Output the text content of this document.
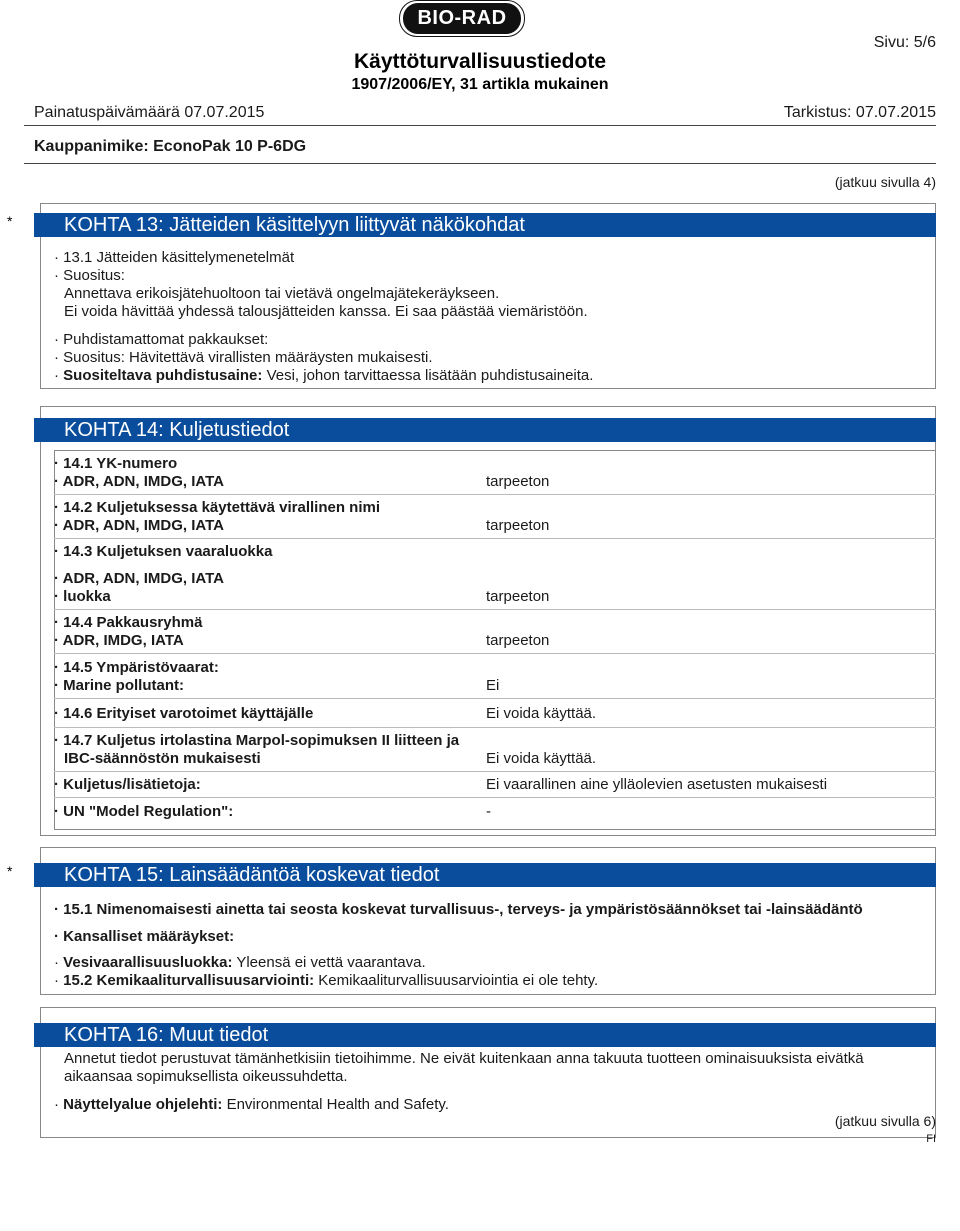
BIO-RAD
Sivu: 5/6
Käyttöturvallisuustiedote
1907/2006/EY, 31 artikla mukainen
Painatuspäivämäärä 07.07.2015	Tarkistus: 07.07.2015
Kauppanimike: EconoPak 10 P-6DG
(jatkuu sivulla 4)
*	KOHTA 13: Jätteiden käsittelyyn liittyvät näkökohdat
· 13.1 Jätteiden käsittelymenetelmät
· Suositus:
Annettava erikoisjätehuoltoon tai vietävä ongelmajätekeräykseen.
Ei voida hävittää yhdessä talousjätteiden kanssa. Ei saa päästää viemäristöön.
· Puhdistamattomat pakkaukset:
· Suositus: Hävitettävä virallisten määräysten mukaisesti.
· Suositeltava puhdistusaine: Vesi, johon tarvittaessa lisätään puhdistusaineita.
KOHTA 14: Kuljetustiedot
· 14.1 YK-numero
· ADR, ADN, IMDG, IATA	tarpeeton
· 14.2 Kuljetuksessa käytettävä virallinen nimi
· ADR, ADN, IMDG, IATA	tarpeeton
· 14.3 Kuljetuksen vaaraluokka
· ADR, ADN, IMDG, IATA
· luokka	tarpeeton
· 14.4 Pakkausryhmä
· ADR, IMDG, IATA	tarpeeton
· 14.5 Ympäristövaarat:
· Marine pollutant:	Ei
· 14.6 Erityiset varotoimet käyttäjälle	Ei voida käyttää.
· 14.7 Kuljetus irtolastina Marpol-sopimuksen II liitteen ja
IBC-säännöstön mukaisesti	Ei voida käyttää.
· Kuljetus/lisätietoja:	Ei vaarallinen aine ylläolevien asetusten mukaisesti
· UN "Model Regulation":	-
*	KOHTA 15: Lainsäädäntöä koskevat tiedot
· 15.1 Nimenomaisesti ainetta tai seosta koskevat turvallisuus-, terveys- ja ympäristösäännökset tai -lainsäädäntö
· Kansalliset määräykset:
· Vesivaarallisuusluokka: Yleensä ei vettä vaarantava.
· 15.2 Kemikaaliturvallisuusarviointi: Kemikaaliturvallisuusarviointia ei ole tehty.
KOHTA 16: Muut tiedot
Annetut tiedot perustuvat tämänhetkisiin tietoihimme. Ne eivät kuitenkaan anna takuuta tuotteen ominaisuuksista eivätkä
aikaansaa sopimuksellista oikeussuhdetta.
· Näyttelyalue ohjelehti: Environmental Health and Safety.
(jatkuu sivulla 6)
FI
